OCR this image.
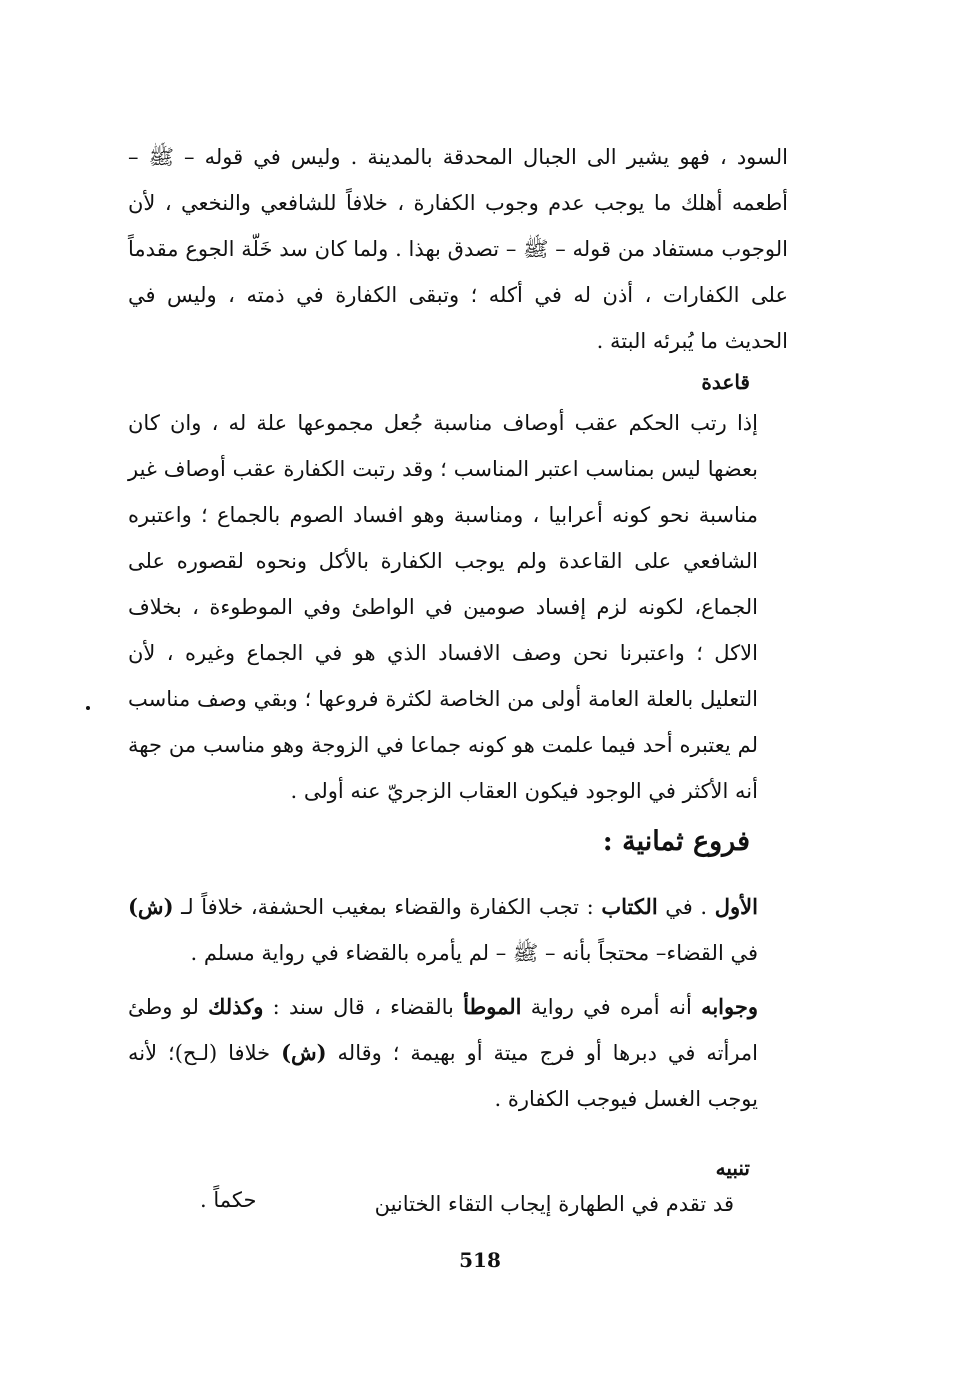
السود ، فهو يشير الى الجبال المحدقة بالمدينة . وليس في قوله – ﷺ – أطعمه أهلك ما يوجب عدم وجوب الكفارة ، خلافاً للشافعي والنخعي ، لأن الوجوب مستفاد من قوله – ﷺ – تصدق بهذا . ولما كان سد خَلّة الجوع مقدماً على الكفارات ، أذن له في أكله ؛ وتبقى الكفارة في ذمته ، وليس في الحديث ما يُبرئه البتة .

قاعدة

إذا رتب الحكم عقب أوصاف مناسبة جُعل مجموعها علة له ، وان كان بعضها ليس بمناسب اعتبر المناسب ؛ وقد رتبت الكفارة عقب أوصاف غير مناسبة نحو كونه أعرابيا ، ومناسبة وهو افساد الصوم بالجماع ؛ واعتبره الشافعي على القاعدة ولم يوجب الكفارة بالأكل ونحوه لقصوره على الجماع، لكونه لزم إفساد صومين في الواطئ وفي الموطوءة ، بخلاف الاكل ؛ واعتبرنا نحن وصف الافساد الذي هو في الجماع وغيره ، لأن التعليل بالعلة العامة أولى من الخاصة لكثرة فروعها ؛ وبقي وصف مناسب لم يعتبره أحد فيما علمت هو كونه جماعا في الزوجة وهو مناسب من جهة أنه الأكثر في الوجود فيكون العقاب الزجريّ عنه أولى .

فروع ثمانية :

الأول . في الكتاب : تجب الكفارة والقضاء بمغيب الحشفة، خلافاً لـ (ش) في القضاء– محتجاً بأنه – ﷺ – لم يأمره بالقضاء في رواية مسلم .

وجوابه أنه أمره في رواية الموطأ بالقضاء ، قال سند : وكذلك لو وطئ امرأته في دبرها أو فرج ميتة أو بهيمة ؛ وقاله (ش) خلافا (لـح)؛ لأنه يوجب الغسل فيوجب الكفارة .

تنبيه
قد تقدم في الطهارة إيجاب التقاء الختانين
حكماً .
518
